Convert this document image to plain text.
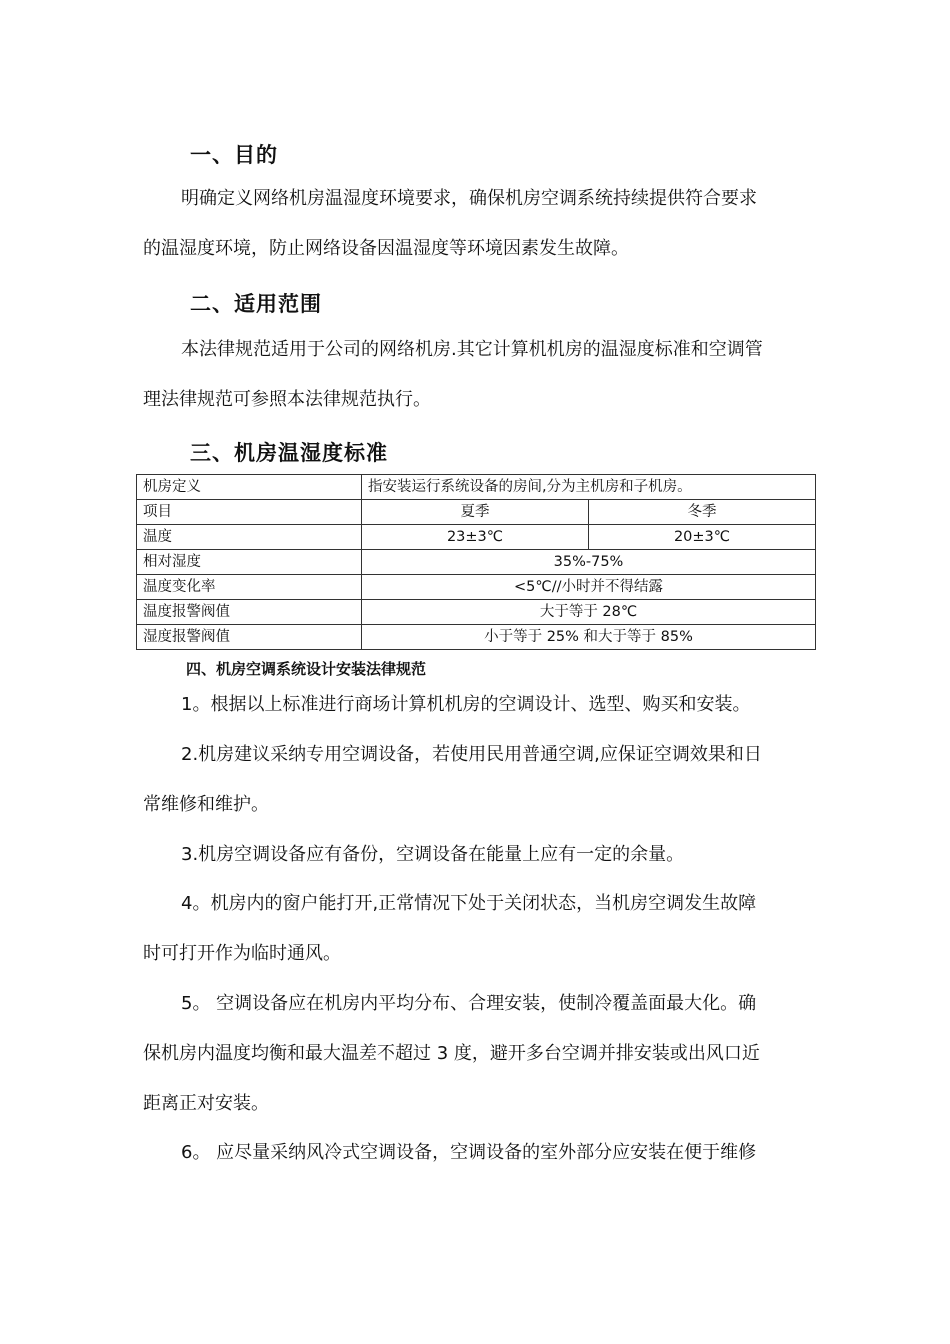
一、目的
明确定义网络机房温湿度环境要求，确保机房空调系统持续提供符合要求
的温湿度环境，防止网络设备因温湿度等环境因素发生故障。
二、适用范围
本法律规范适用于公司的网络机房.其它计算机机房的温湿度标准和空调管
理法律规范可参照本法律规范执行。
三、机房温湿度标准
机房定义	指安装运行系统设备的房间,分为主机房和子机房。	
项目	夏季	冬季
温度	23±3℃	20±3℃
相对湿度	35%-75%	
温度变化率	<5℃//小时并不得结露	
温度报警阀值	大于等于 28℃	
湿度报警阀值	小于等于 25% 和大于等于 85%	
四、机房空调系统设计安装法律规范
1。根据以上标准进行商场计算机机房的空调设计、选型、购买和安装。
2.机房建议采纳专用空调设备，若使用民用普通空调,应保证空调效果和日
常维修和维护。
3.机房空调设备应有备份，空调设备在能量上应有一定的余量。
4。机房内的窗户能打开,正常情况下处于关闭状态，当机房空调发生故障
时可打开作为临时通风。
5。 空调设备应在机房内平均分布、合理安装，使制冷覆盖面最大化。确
保机房内温度均衡和最大温差不超过 3 度，避开多台空调并排安装或出风口近
距离正对安装。
6。 应尽量采纳风冷式空调设备，空调设备的室外部分应安装在便于维修
